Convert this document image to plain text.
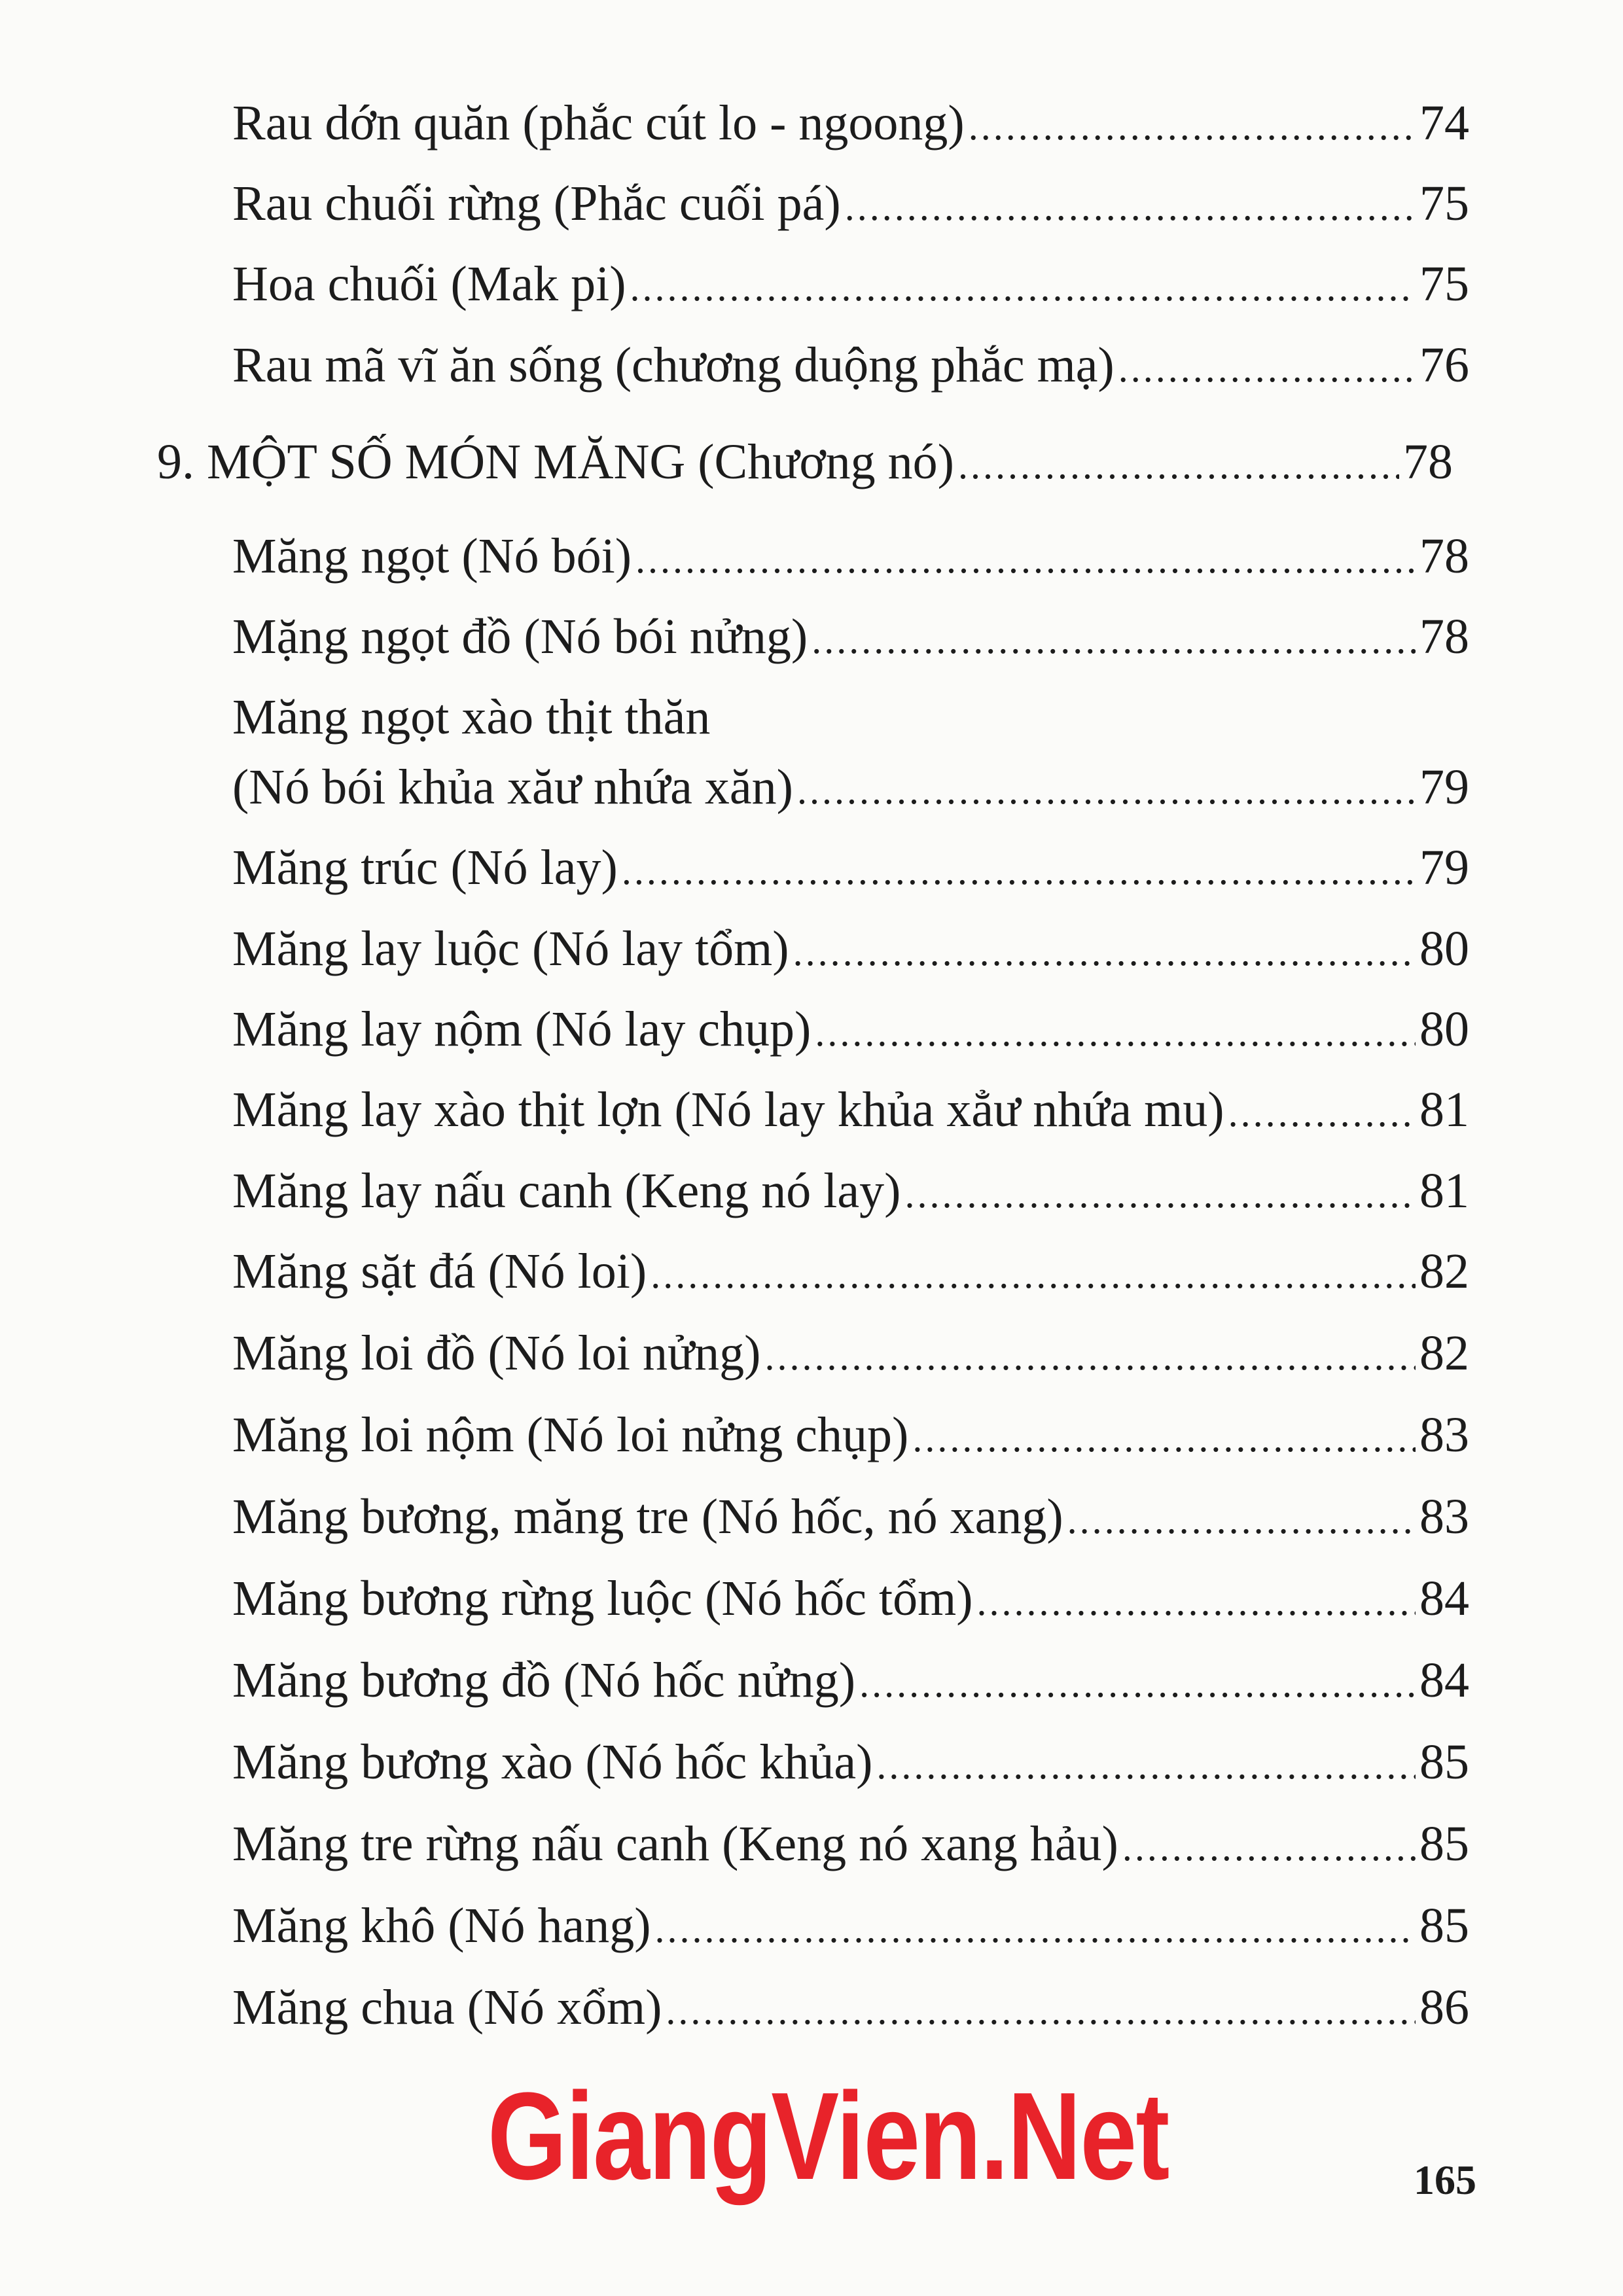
Rau dớn quăn (phắc cút lo - ngoong) .....	74
Rau chuối rừng (Phắc cuối pá) .....	75
Hoa chuối (Mak pi) .....	75
Rau mã vĩ ăn sống (chương duộng phắc mạ) .....	76
9. MỘT SỐ MÓN MĂNG (Chương nó) .....	78
Măng ngọt (Nó bói) .....	78
Mặng ngọt đồ (Nó bói nửng) .....	78
Măng ngọt xào thịt thăn
(Nó bói khủa xăư nhứa xăn) .....	79
Măng trúc (Nó lay) .....	79
Măng lay luộc (Nó lay tổm) .....	80
Măng lay nộm (Nó lay chụp) .....	80
Măng lay xào thịt lợn (Nó lay khủa xẳư nhứa mu) .....	81
Măng lay nấu canh (Keng nó lay) .....	81
Măng sặt đá (Nó loi) .....	82
Măng loi đồ (Nó loi nửng) .....	82
Măng loi nộm (Nó loi nửng chụp) .....	83
Măng bương, măng tre (Nó hốc, nó xang) .....	83
Măng bương rừng luộc (Nó hốc tổm) .....	84
Măng bương đồ (Nó hốc nửng) .....	84
Măng bương xào (Nó hốc khủa) .....	85
Măng tre rừng nấu canh (Keng nó xang hảu) .....	85
Măng khô (Nó hang) .....	85
Măng chua (Nó xổm) .....	86
GiangVien.Net	165
